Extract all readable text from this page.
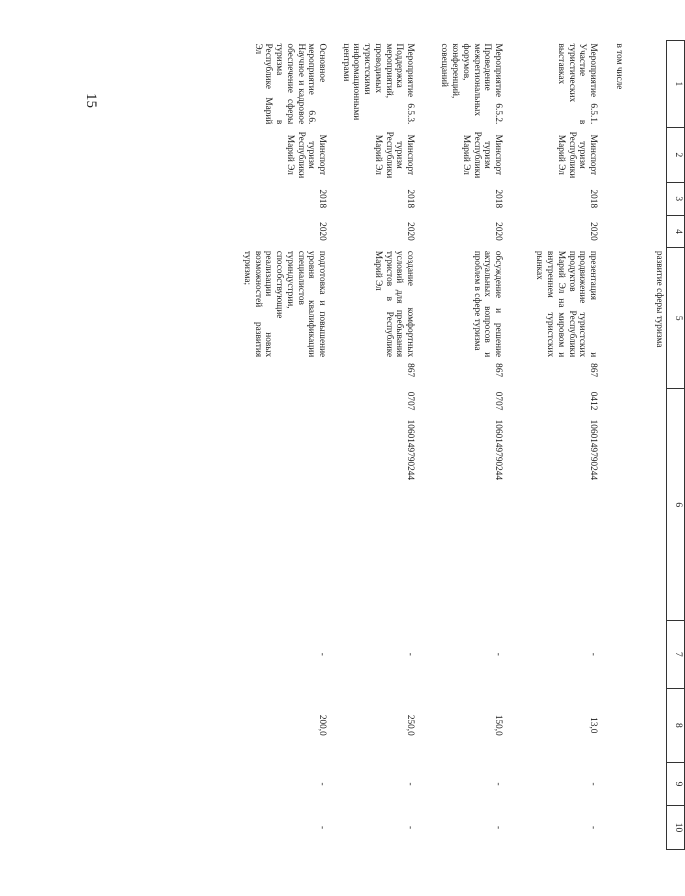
15
1	2	3	4	5		6		7	8	9	10
				развитие сферы туризма							
в том числе											
Мероприятие 6.5.1. Участие в туристических выставках	Минспорт туризм Республики Марий Эл	2018	2020	презентация и продвижение туристских продуктов Республики Марий Эл на мировом и внутреннем туристских рынках	867	0412    1060149790244		-	13,0	-	-
Мероприятие 6.5.2. Проведение межрегиональных форумов, конференций, совещаний	Минспорт туризм Республики Марий Эл	2018	2020	обсуждение и решение актуальных вопросов и проблем в сфере туризма	867	0707    1060149790244		-	150,0	-	-
Мероприятие 6.5.3. Поддержка мероприятий, проводимых туристскими информационными центрами	Минспорт туризм Республики Марий Эл	2018	2020	создание комфортных условий для пребывания туристов в Республике Марий Эл	867	0707    1060149790244		-	250,0	-	-
Основное мероприятие 6.6. Научное и кадровое обеспечение сферы туризма в Республике Марий Эл	Минспорт туризм Республики Марий Эл	2018	2020	подготовка и повышение уровня квалификации специалистов туриндустрии, способствующие реализации новых возможностей развития туризма;				-	200,0	-	-
